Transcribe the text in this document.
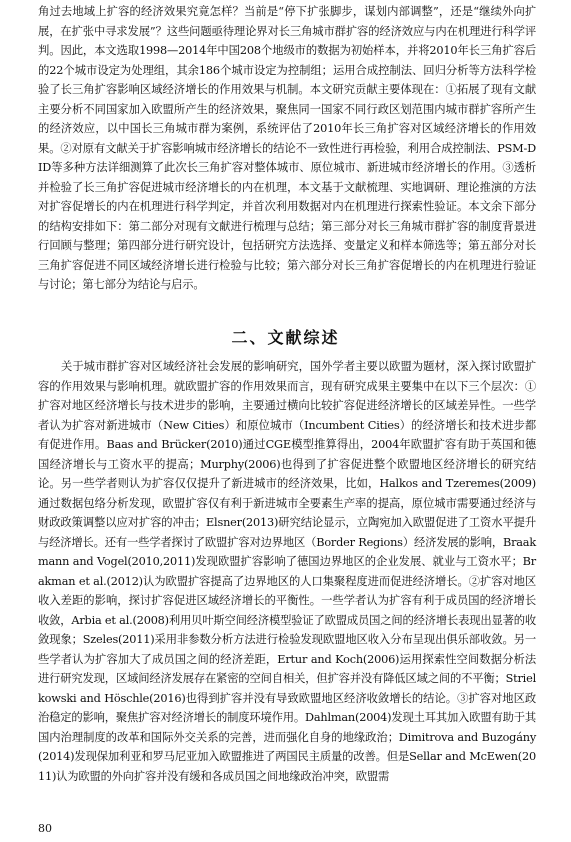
角过去地域上扩容的经济效果究竟怎样？当前是“停下扩张脚步，谋划内部调整”，还是“继续外向扩展，在扩张中寻求发展”？这些问题亟待理论界对长三角城市群扩容的经济效应与内在机理进行科学评判。因此，本文选取1998—2014年中国208个地级市的数据为初始样本，并将2010年长三角扩容后的22个城市设定为处理组，其余186个城市设定为控制组；运用合成控制法、回归分析等方法科学检验了长三角扩容影响区域经济增长的作用效果与机制。本文研究贡献主要体现在：①拓展了现有文献主要分析不同国家加入欧盟所产生的经济效果，聚焦同一国家不同行政区划范围内城市群扩容所产生的经济效应，以中国长三角城市群为案例，系统评估了2010年长三角扩容对区域经济增长的作用效果。②对原有文献关于扩容影响城市经济增长的结论不一致性进行再检验，利用合成控制法、PSM-DID等多种方法详细测算了此次长三角扩容对整体城市、原位城市、新进城市经济增长的作用。③透析并检验了长三角扩容促进城市经济增长的内在机理，本文基于文献梳理、实地调研、理论推演的方法对扩容促增长的内在机理进行科学判定，并首次利用数据对内在机理进行探索性验证。本文余下部分的结构安排如下：第二部分对现有文献进行梳理与总结；第三部分对长三角城市群扩容的制度背景进行回顾与整理；第四部分进行研究设计，包括研究方法选择、变量定义和样本筛选等；第五部分对长三角扩容促进不同区域经济增长进行检验与比较；第六部分对长三角扩容促增长的内在机理进行验证与讨论；第七部分为结论与启示。
二、文献综述
关于城市群扩容对区域经济社会发展的影响研究，国外学者主要以欧盟为题材，深入探讨欧盟扩容的作用效果与影响机理。就欧盟扩容的作用效果而言，现有研究成果主要集中在以下三个层次：①扩容对地区经济增长与技术进步的影响，主要通过横向比较扩容促进经济增长的区域差异性。一些学者认为扩容对新进城市（New Cities）和原位城市（Incumbent Cities）的经济增长和技术进步都有促进作用。Baas and Brücker(2010)通过CGE模型推算得出，2004年欧盟扩容有助于英国和德国经济增长与工资水平的提高；Murphy(2006)也得到了扩容促进整个欧盟地区经济增长的研究结论。另一些学者则认为扩容仅仅提升了新进城市的经济效果，比如，Halkos and Tzeremes(2009)通过数据包络分析发现，欧盟扩容仅有利于新进城市全要素生产率的提高，原位城市需要通过经济与财政政策调整以应对扩容的冲击；Elsner(2013)研究结论显示，立陶宛加入欧盟促进了工资水平提升与经济增长。还有一些学者探讨了欧盟扩容对边界地区（Border Regions）经济发展的影响，Braakmann and Vogel(2010,2011)发现欧盟扩容影响了德国边界地区的企业发展、就业与工资水平；Brakman et al.(2012)认为欧盟扩容提高了边界地区的人口集聚程度进而促进经济增长。②扩容对地区收入差距的影响，探讨扩容促进区域经济增长的平衡性。一些学者认为扩容有利于成员国的经济增长收敛，Arbia et al.(2008)利用贝叶斯空间经济模型验证了欧盟成员国之间的经济增长表现出显著的收敛现象；Szeles(2011)采用非参数分析方法进行检验发现欧盟地区收入分布呈现出俱乐部收敛。另一些学者认为扩容加大了成员国之间的经济差距，Ertur and Koch(2006)运用探索性空间数据分析法进行研究发现，区域间经济发展存在紧密的空间自相关，但扩容并没有降低区域之间的不平衡；Strielkowski and Höschle(2016)也得到扩容并没有导致欧盟地区经济收敛增长的结论。③扩容对地区政治稳定的影响，聚焦扩容对经济增长的制度环境作用。Dahlman(2004)发现土耳其加入欧盟有助于其国内治理制度的改革和国际外交关系的完善，进而强化自身的地缘政治；Dimitrova and Buzogány(2014)发现保加利亚和罗马尼亚加入欧盟推进了两国民主质量的改善。但是Sellar and McEwen(2011)认为欧盟的外向扩容并没有缓和各成员国之间地缘政治冲突，欧盟需
80
